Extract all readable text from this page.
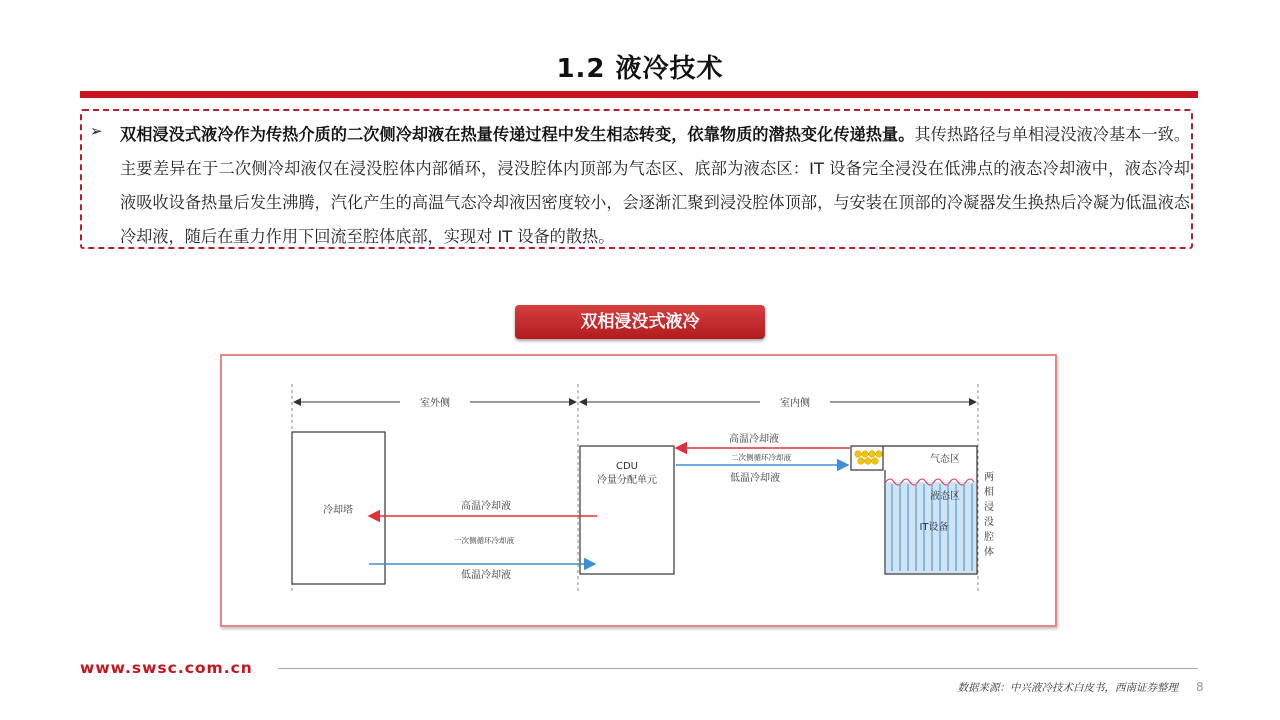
1.2 液冷技术
➢ 双相浸没式液冷作为传热介质的二次侧冷却液在热量传递过程中发生相态转变，依靠物质的潜热变化传递热量。其传热路径与单相浸没液冷基本一致。主要差异在于二次侧冷却液仅在浸没腔体内部循环，浸没腔体内顶部为气态区、底部为液态区：IT 设备完全浸没在低沸点的液态冷却液中，液态冷却液吸收设备热量后发生沸腾，汽化产生的高温气态冷却液因密度较小，会逐渐汇聚到浸没腔体顶部，与安装在顶部的冷凝器发生换热后冷凝为低温液态冷却液，随后在重力作用下回流至腔体底部，实现对 IT 设备的散热。
双相浸没式液冷
室外侧	室内侧
冷却塔
CDU
冷量分配单元
高温冷却液
一次侧循环冷却液
低温冷却液
高温冷却液
二次侧循环冷却液
低温冷却液
气态区
液态区
IT设备
两
相
浸
没
腔
体
www.swsc.com.cn
数据来源：中兴液冷技术白皮书，西南证券整理 8
